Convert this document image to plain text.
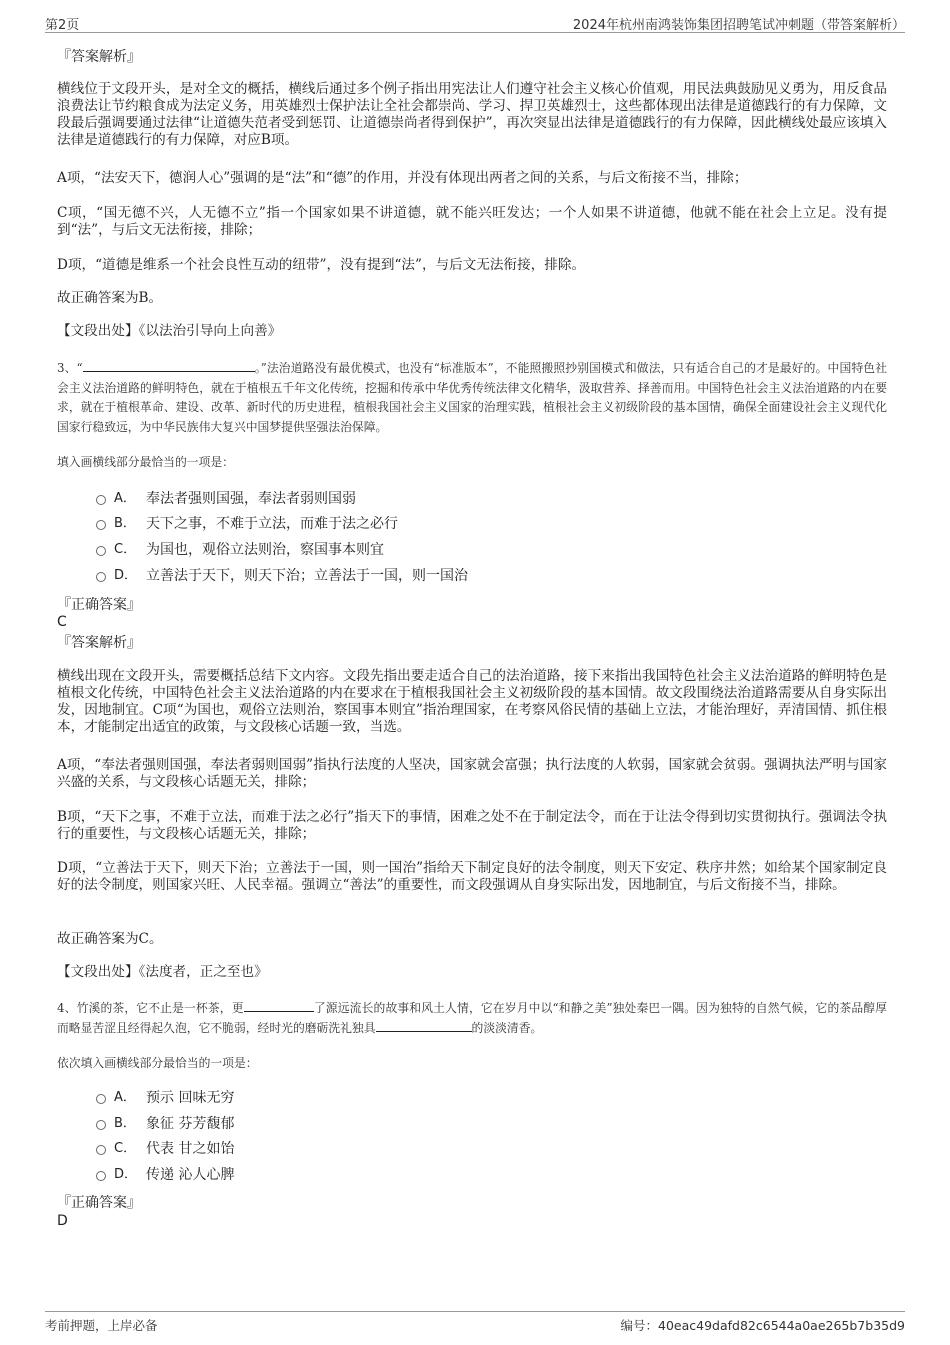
第2页	2024年杭州南鸿装饰集团招聘笔试冲刺题（带答案解析）
『答案解析』
横线位于文段开头，是对全文的概括，横线后通过多个例子指出用宪法让人们遵守社会主义核心价值观，用民法典鼓励见义勇为，用反食品浪费法让节约粮食成为法定义务，用英雄烈士保护法让全社会都崇尚、学习、捍卫英雄烈士，这些都体现出法律是道德践行的有力保障，文段最后强调要通过法律“让道德失范者受到惩罚、让道德崇尚者得到保护”，再次突显出法律是道德践行的有力保障，因此横线处最应该填入法律是道德践行的有力保障，对应B项。
A项，“法安天下，德润人心”强调的是“法”和“德”的作用，并没有体现出两者之间的关系，与后文衔接不当，排除；
C项，“国无德不兴，人无德不立”指一个国家如果不讲道德，就不能兴旺发达；一个人如果不讲道德，他就不能在社会上立足。没有提到“法”，与后文无法衔接，排除；
D项，“道德是维系一个社会良性互动的纽带”，没有提到“法”，与后文无法衔接，排除。
故正确答案为B。
【文段出处】《以法治引导向上向善》
3、“	。”法治道路没有最优模式，也没有“标准版本”，不能照搬照抄别国模式和做法，只有适合自己的才是最好的。中国特色社会主义法治道路的鲜明特色，就在于植根五千年文化传统，挖掘和传承中华优秀传统法律文化精华，汲取营养、择善而用。中国特色社会主义法治道路的内在要求，就在于植根革命、建设、改革、新时代的历史进程，植根我国社会主义国家的治理实践，植根社会主义初级阶段的基本国情，确保全面建设社会主义现代化国家行稳致远，为中华民族伟大复兴中国梦提供坚强法治保障。
填入画横线部分最恰当的一项是：
A． 奉法者强则国强，奉法者弱则国弱
B． 天下之事，不难于立法，而难于法之必行
C． 为国也，观俗立法则治，察国事本则宜
D． 立善法于天下，则天下治；立善法于一国，则一国治
『正确答案』
C
『答案解析』
横线出现在文段开头，需要概括总结下文内容。文段先指出要走适合自己的法治道路，接下来指出我国特色社会主义法治道路的鲜明特色是植根文化传统，中国特色社会主义法治道路的内在要求在于植根我国社会主义初级阶段的基本国情。故文段围绕法治道路需要从自身实际出发，因地制宜。C项“为国也，观俗立法则治，察国事本则宜”指治理国家，在考察风俗民情的基础上立法，才能治理好，弄清国情、抓住根本，才能制定出适宜的政策，与文段核心话题一致，当选。
A项，“奉法者强则国强，奉法者弱则国弱”指执行法度的人坚决，国家就会富强；执行法度的人软弱，国家就会贫弱。强调执法严明与国家兴盛的关系，与文段核心话题无关，排除；
B项，“天下之事，不难于立法，而难于法之必行”指天下的事情，困难之处不在于制定法令，而在于让法令得到切实贯彻执行。强调法令执行的重要性，与文段核心话题无关，排除；
D项，“立善法于天下，则天下治；立善法于一国，则一国治”指给天下制定良好的法令制度，则天下安定、秩序井然；如给某个国家制定良好的法令制度，则国家兴旺、人民幸福。强调立“善法”的重要性，而文段强调从自身实际出发，因地制宜，与后文衔接不当，排除。
故正确答案为C。
【文段出处】《法度者，正之至也》
4、竹溪的茶，它不止是一杯茶，更	了源远流长的故事和风土人情，它在岁月中以“和静之美”独处秦巴一隅。因为独特的自然气候，它的茶品醇厚而略显苦涩且经得起久泡，它不脆弱，经时光的磨砺洗礼独具	的淡淡清香。
依次填入画横线部分最恰当的一项是：
A． 预示 回味无穷
B． 象征 芬芳馥郁
C． 代表 甘之如饴
D． 传递 沁人心脾
『正确答案』
D
考前押题，上岸必备	编号：40eac49dafd82c6544a0ae265b7b35d9
